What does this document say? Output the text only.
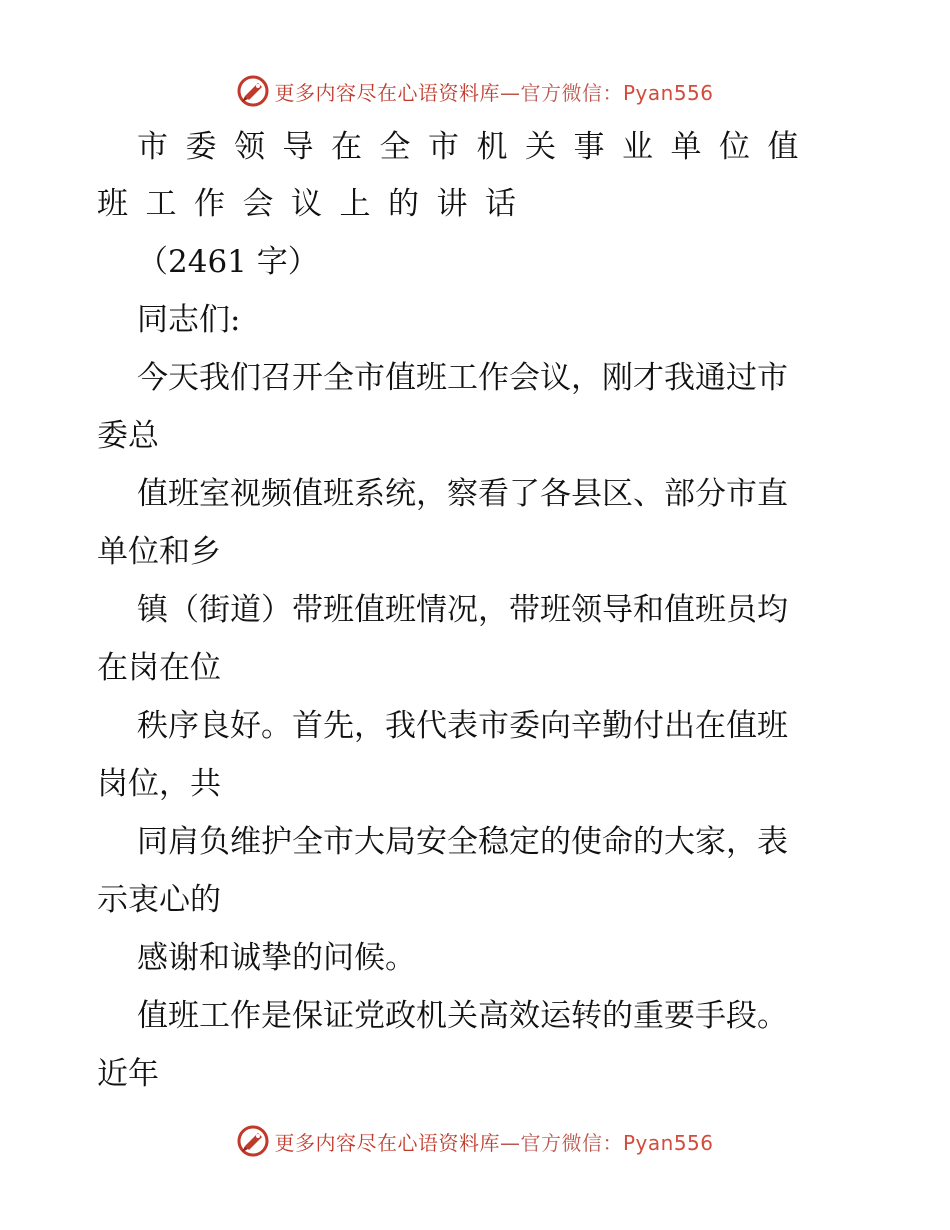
更多内容尽在心语资料库—官方微信：Pyan556
市委领导在全市机关事业单位值
班工作会议上的讲话
（2461 字）
同志们:
今天我们召开全市值班工作会议，刚才我通过市
委总
值班室视频值班系统，察看了各县区、部分市直
单位和乡
镇（街道）带班值班情况，带班领导和值班员均
在岗在位
秩序良好。首先，我代表市委向辛勤付出在值班
岗位，共
同肩负维护全市大局安全稳定的使命的大家，表
示衷心的
感谢和诚挚的问候。
值班工作是保证党政机关高效运转的重要手段。
近年
更多内容尽在心语资料库—官方微信：Pyan556
